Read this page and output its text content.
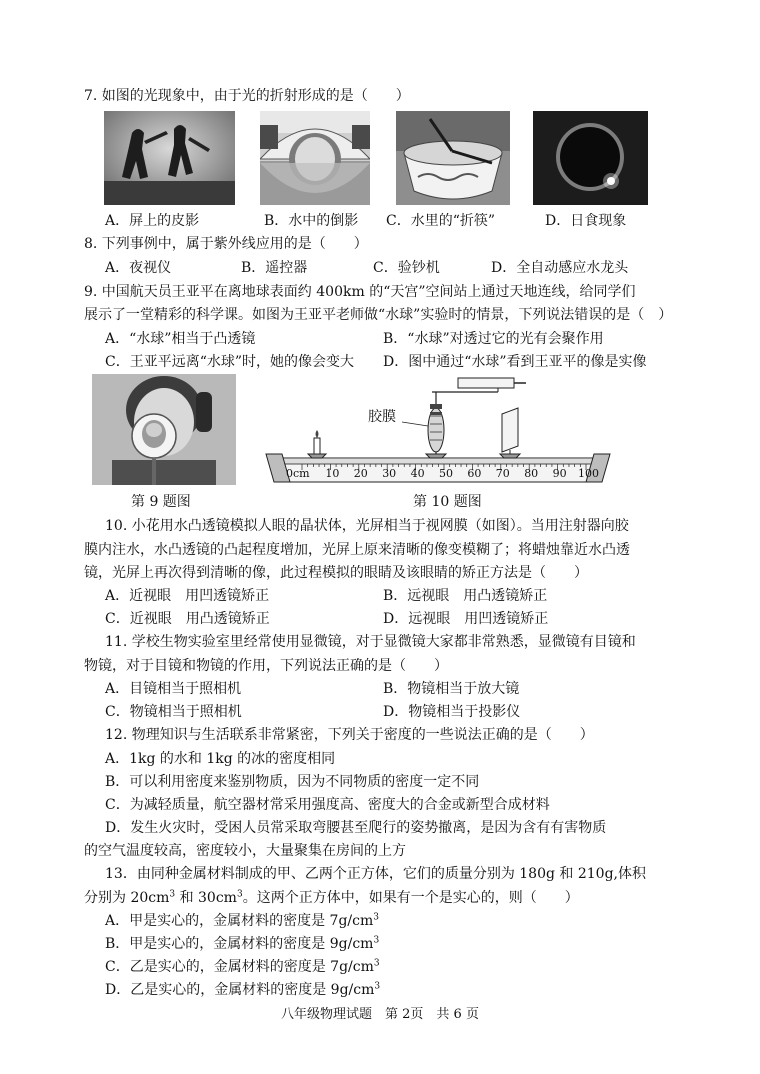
7. 如图的光现象中，由于光的折射形成的是（　　）
A．屏上的皮影	B．水中的倒影 C．水里的“折筷”	D．日食现象
8. 下列事例中，属于紫外线应用的是（　　）
A．夜视仪	B．遥控器	C．验钞机	D．全自动感应水龙头
9. 中国航天员王亚平在离地球表面约 400km 的“天宫”空间站上通过天地连线，给同学们
展示了一堂精彩的科学课。如图为王亚平老师做“水球”实验时的情景，下列说法错误的是（　）
A．“水球”相当于凸透镜	B．“水球”对透过它的光有会聚作用
C．王亚平远离“水球”时，她的像会变大 D．图中通过“水球”看到王亚平的像是实像
第 9 题图
胶膜
0cm 10 20 30 40 50 60 70 80 90 100
第 10 题图
10. 小花用水凸透镜模拟人眼的晶状体，光屏相当于视网膜（如图）。当用注射器向胶
膜内注水，水凸透镜的凸起程度增加，光屏上原来清晰的像变模糊了；将蜡烛靠近水凸透
镜，光屏上再次得到清晰的像，此过程模拟的眼睛及该眼睛的矫正方法是（　　）
A．近视眼　用凹透镜矫正	B．远视眼　用凸透镜矫正
C．近视眼　用凸透镜矫正	D．远视眼　用凹透镜矫正
11. 学校生物实验室里经常使用显微镜，对于显微镜大家都非常熟悉，显微镜有目镜和
物镜，对于目镜和物镜的作用，下列说法正确的是（　　）
A．目镜相当于照相机	B．物镜相当于放大镜
C．物镜相当于照相机	D．物镜相当于投影仪
12. 物理知识与生活联系非常紧密，下列关于密度的一些说法正确的是（　　）
A．1kg 的水和 1kg 的冰的密度相同
B．可以利用密度来鉴别物质，因为不同物质的密度一定不同
C．为减轻质量，航空器材常采用强度高、密度大的合金或新型合成材料
D．发生火灾时，受困人员常采取弯腰甚至爬行的姿势撤离，是因为含有有害物质
的空气温度较高，密度较小，大量聚集在房间的上方
13．由同种金属材料制成的甲、乙两个正方体，它们的质量分别为 180g 和 210g,体积
分别为 $20cm^3$ 和 $30cm^3$。这两个正方体中，如果有一个是实心的，则（　　）
A．甲是实心的，金属材料的密度是 $7g/cm^3$
B．甲是实心的，金属材料的密度是 $9g/cm^3$
C．乙是实心的，金属材料的密度是 $7g/cm^3$
D．乙是实心的，金属材料的密度是 $9g/cm^3$
八年级物理试题　第 2页　共 6 页
